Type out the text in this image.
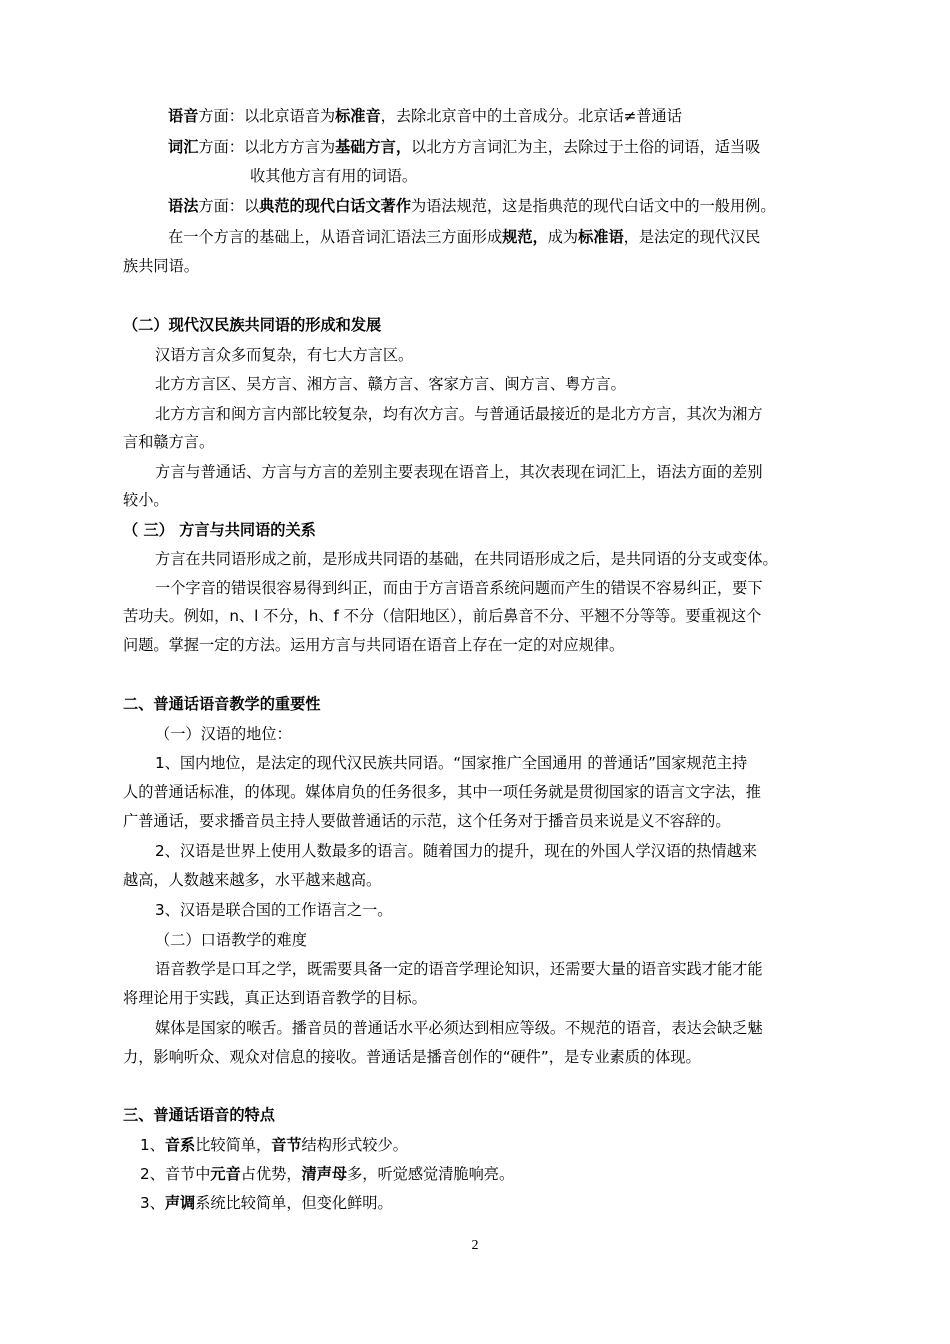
语音方面：以北京语音为标准音，去除北京音中的土音成分。北京话≠普通话
词汇方面：以北方方言为基础方言，以北方方言词汇为主，去除过于土俗的词语，适当吸
收其他方言有用的词语。
语法方面：以典范的现代白话文著作为语法规范，这是指典范的现代白话文中的一般用例。
在一个方言的基础上，从语音词汇语法三方面形成规范，成为标准语，是法定的现代汉民
族共同语。
（二）现代汉民族共同语的形成和发展
汉语方言众多而复杂，有七大方言区。
北方方言区、吴方言、湘方言、赣方言、客家方言、闽方言、粤方言。
北方方言和闽方言内部比较复杂，均有次方言。与普通话最接近的是北方方言，其次为湘方
言和赣方言。
方言与普通话、方言与方言的差别主要表现在语音上，其次表现在词汇上，语法方面的差别
较小。
（ 三） 方言与共同语的关系
方言在共同语形成之前，是形成共同语的基础，在共同语形成之后，是共同语的分支或变体。
一个字音的错误很容易得到纠正，而由于方言语音系统问题而产生的错误不容易纠正，要下
苦功夫。例如，n、l 不分，h、f 不分（信阳地区），前后鼻音不分、平翘不分等等。要重视这个
问题。掌握一定的方法。运用方言与共同语在语音上存在一定的对应规律。
二、普通话语音教学的重要性
（一）汉语的地位：
1、国内地位，是法定的现代汉民族共同语。“国家推广全国通用 的普通话”国家规范主持
人的普通话标准，的体现。媒体肩负的任务很多，其中一项任务就是贯彻国家的语言文字法，推
广普通话，要求播音员主持人要做普通话的示范，这个任务对于播音员来说是义不容辞的。
2、汉语是世界上使用人数最多的语言。随着国力的提升，现在的外国人学汉语的热情越来
越高，人数越来越多，水平越来越高。
3、汉语是联合国的工作语言之一。
（二）口语教学的难度
语音教学是口耳之学，既需要具备一定的语音学理论知识，还需要大量的语音实践才能才能
将理论用于实践，真正达到语音教学的目标。
媒体是国家的喉舌。播音员的普通话水平必须达到相应等级。不规范的语音，表达会缺乏魅
力，影响听众、观众对信息的接收。普通话是播音创作的“硬件”，是专业素质的体现。
三、普通话语音的特点
1、音系比较简单，音节结构形式较少。
2、音节中元音占优势，清声母多，听觉感觉清脆响亮。
3、声调系统比较简单，但变化鲜明。
2
